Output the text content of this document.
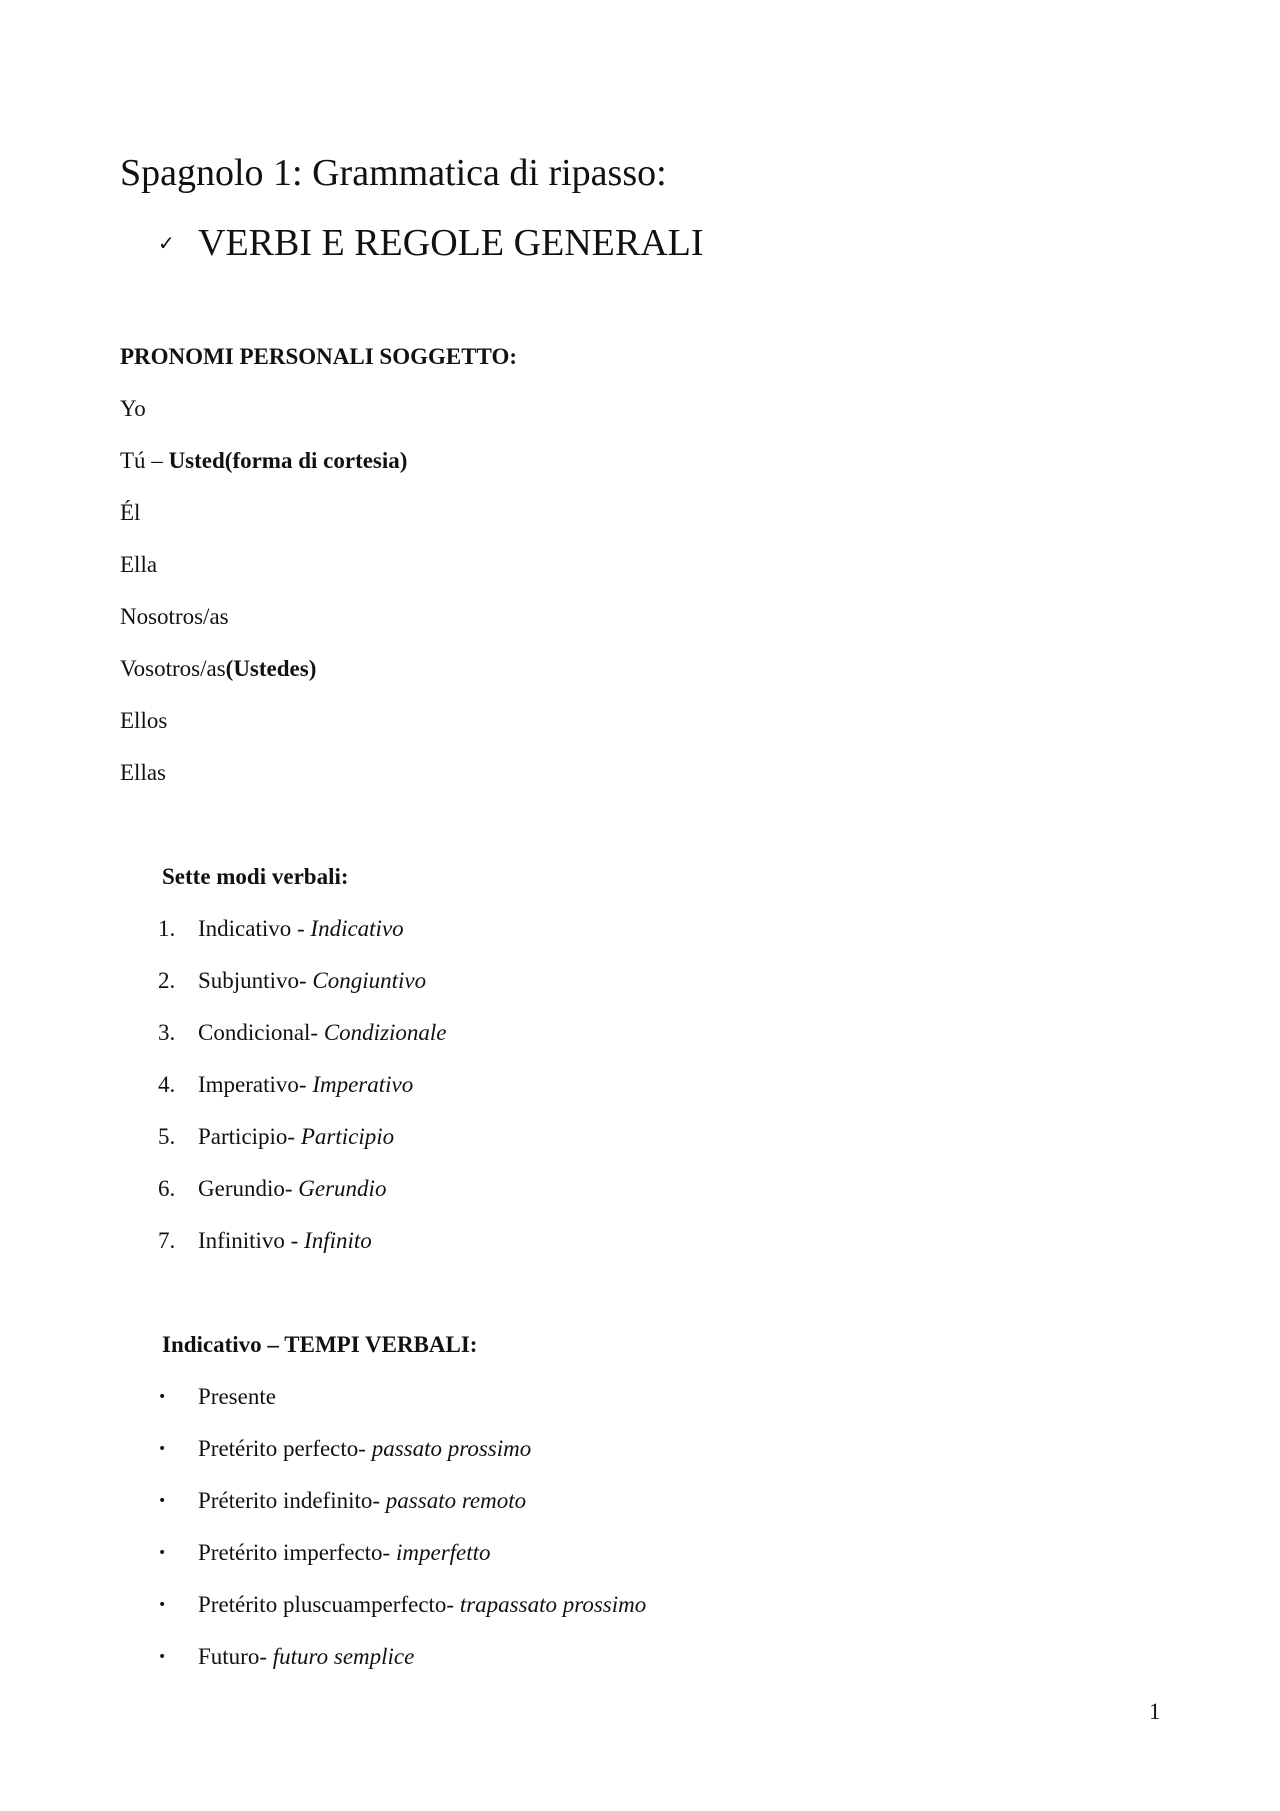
Spagnolo 1: Grammatica di ripasso:
✓ VERBI E REGOLE GENERALI
PRONOMI PERSONALI SOGGETTO:
Yo
Tú – Usted(forma di cortesia)
Él
Ella
Nosotros/as
Vosotros/as(Ustedes)
Ellos
Ellas
Sette modi verbali:
1. Indicativo - Indicativo
2. Subjuntivo- Congiuntivo
3. Condicional- Condizionale
4. Imperativo- Imperativo
5. Participio- Participio
6. Gerundio- Gerundio
7. Infinitivo - Infinito
Indicativo – TEMPI VERBALI:
• Presente
• Pretérito perfecto- passato prossimo
• Préterito indefinito- passato remoto
• Pretérito imperfecto- imperfetto
• Pretérito pluscuamperfecto- trapassato prossimo
• Futuro- futuro semplice
1
